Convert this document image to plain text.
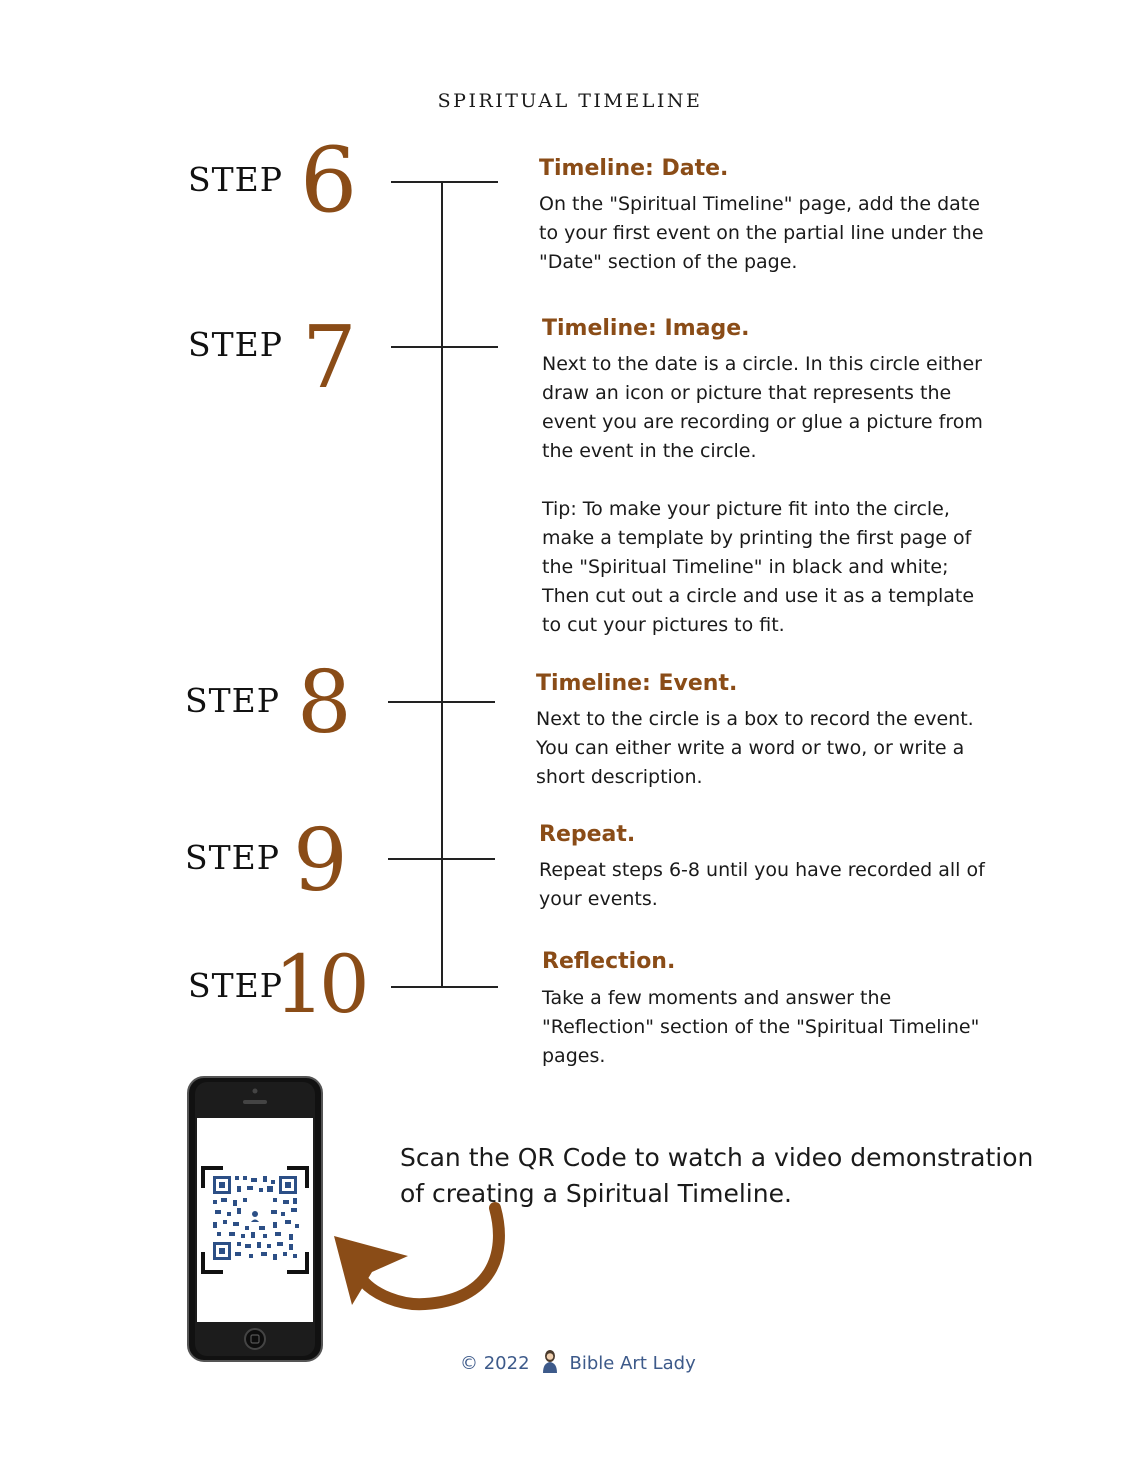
SPIRITUAL TIMELINE
STEP 6	Timeline: Date.

On the "Spiritual Timeline" page, add the date to your first event on the partial line under the "Date" section of the page.

STEP 7	Timeline: Image.

Next to the date is a circle. In this circle either draw an icon or picture that represents the event you are recording or glue a picture from the event in the circle.

Tip: To make your picture fit into the circle, make a template by printing the first page of the "Spiritual Timeline" in black and white; Then cut out a circle and use it as a template to cut your pictures to fit.

STEP 8	Timeline: Event.

Next to the circle is a box to record the event. You can either write a word or two, or write a short description.

STEP 9	Repeat.

Repeat steps 6-8 until you have recorded all of your events.

STEP
10	Reflection.

Take a few moments and answer the "Reflection" section of the "Spiritual Timeline" pages.

Scan the QR Code to watch a video demonstration of creating a Spiritual Timeline.
© 2022 Bible Art Lady
